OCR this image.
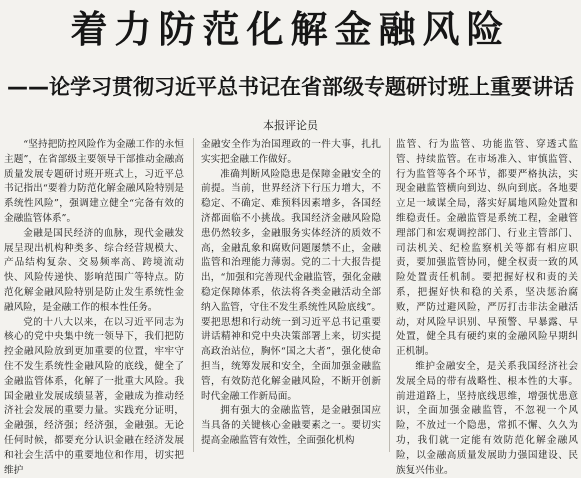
着力防范化解金融风险
——论学习贯彻习近平总书记在省部级专题研讨班上重要讲话
本报评论员

“坚持把防控风险作为金融工作的永恒主题”，在省部级主要领导干部推动金融高质量发展专题研讨班开班式上，习近平总书记指出“要着力防范化解金融风险特别是系统性风险”，强调建立健全“完备有效的金融监管体系”。

金融是国民经济的血脉，现代金融发展呈现出机构种类多、综合经营规模大、产品结构复杂、交易频率高、跨境流动快、风险传递快、影响范围广等特点。防范化解金融风险特别是防止发生系统性金融风险，是金融工作的根本性任务。

党的十八大以来，在以习近平同志为核心的党中央集中统一领导下，我们把防控金融风险放到更加重要的位置，牢牢守住不发生系统性金融风险的底线，健全了金融监管体系，化解了一批重大风险。我国金融业发展成绩显著，金融成为推动经济社会发展的重要力量。实践充分证明，金融强，经济强；经济强，金融强。无论任何时候，都要充分认识金融在经济发展和社会生活中的重要地位和作用，切实把维护

金融安全作为治国理政的一件大事，扎扎实实把金融工作做好。

准确判断风险隐患是保障金融安全的前提。当前，世界经济下行压力增大，不稳定、不确定、难预料因素增多，各国经济都面临不小挑战。我国经济金融风险隐患仍然较多，金融服务实体经济的质效不高，金融乱象和腐败问题屡禁不止，金融监管和治理能力薄弱。党的二十大报告提出，“加强和完善现代金融监管，强化金融稳定保障体系，依法将各类金融活动全部纳入监管，守住不发生系统性风险底线”。要把思想和行动统一到习近平总书记重要讲话精神和党中央决策部署上来，切实提高政治站位，胸怀“国之大者”，强化使命担当，统筹发展和安全，全面加强金融监管，有效防范化解金融风险，不断开创新时代金融工作新局面。

拥有强大的金融监管，是金融强国应当具备的关键核心金融要素之一。要切实提高金融监管有效性，全面强化机构

监管、行为监管、功能监管、穿透式监管、持续监管。在市场准入、审慎监管、行为监管等各个环节，都要严格执法，实现金融监管横向到边、纵向到底。各地要立足一域谋全局，落实好属地风险处置和维稳责任。金融监管是系统工程，金融管理部门和宏观调控部门、行业主管部门、司法机关、纪检监察机关等都有相应职责，要加强监管协同，健全权责一致的风险处置责任机制。要把握好权和责的关系，把握好快和稳的关系，坚决惩治腐败，严防过避风险，严厉打击非法金融活动，对风险早识别、早预警、早暴露、早处置，健全具有硬约束的金融风险早期纠正机制。

维护金融安全，是关系我国经济社会发展全局的带有战略性、根本性的大事。前进道路上，坚持底线思维，增强忧患意识，全面加强金融监管，不忽视一个风险，不放过一个隐患，常抓不懈、久久为功，我们就一定能有效防范化解金融风险，以金融高质量发展助力强国建设、民族复兴伟业。
